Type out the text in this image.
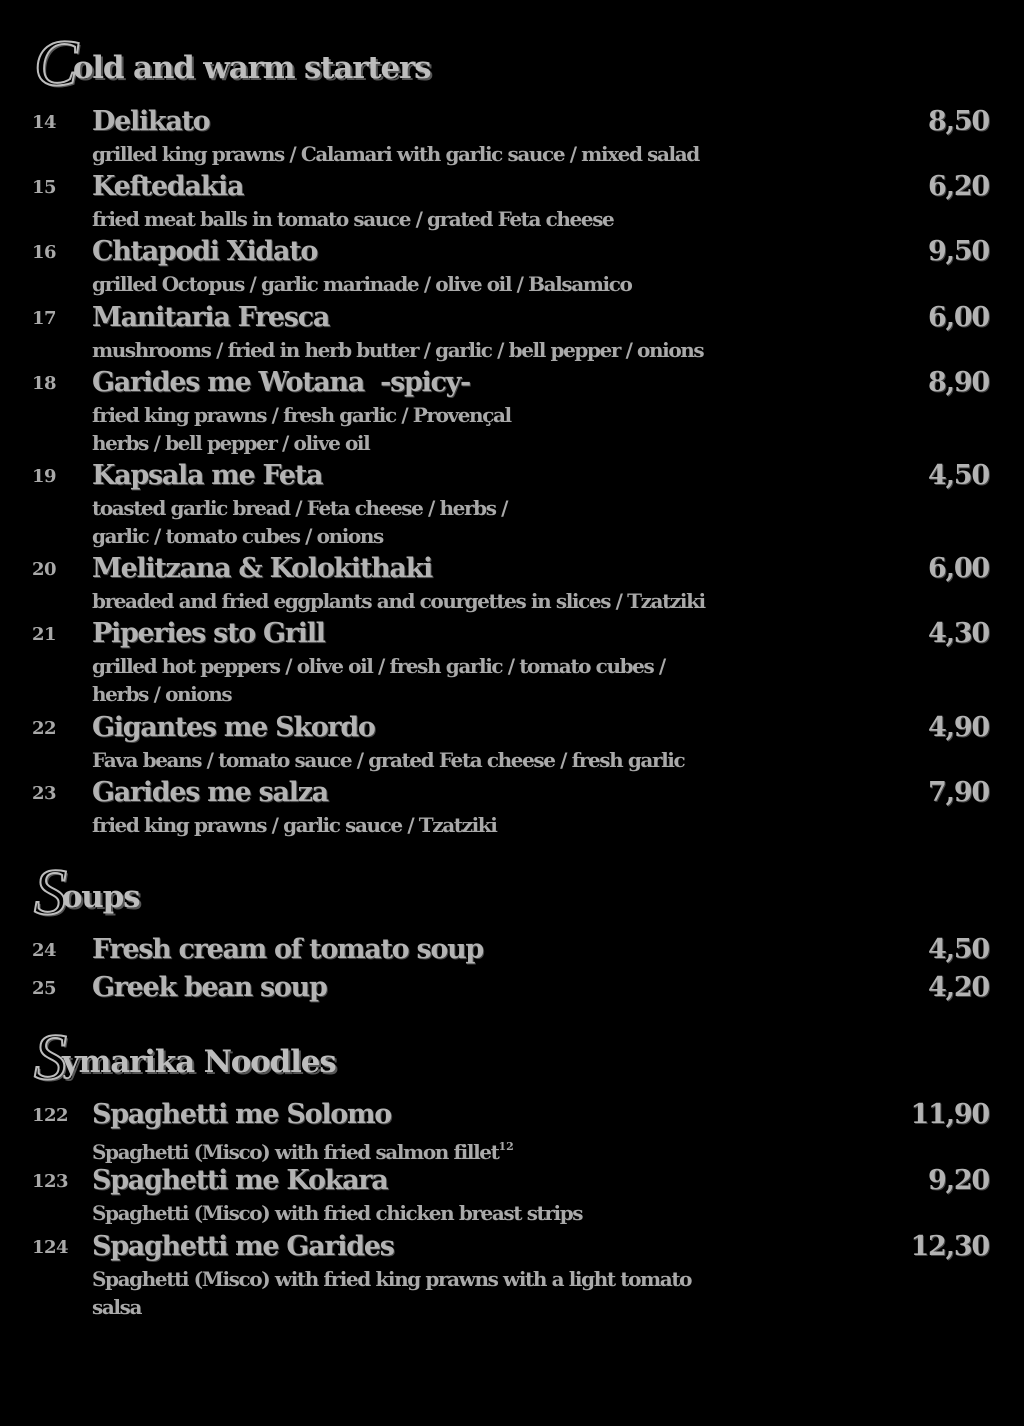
Cold and warm starters
14 Delikato	8,50
grilled king prawns / Calamari with garlic sauce / mixed salad
15 Keftedakia	6,20
fried meat balls in tomato sauce / grated Feta cheese
16 Chtapodi Xidato	9,50
grilled Octopus / garlic marinade / olive oil / Balsamico
17 Manitaria Fresca	6,00
mushrooms / fried in herb butter / garlic / bell pepper / onions
18 Garides me Wotana  -spicy-	8,90
fried king prawns / fresh garlic / Provençal herbs / bell pepper / olive oil
19 Kapsala me Feta	4,50
toasted garlic bread / Feta cheese / herbs / garlic / tomato cubes / onions
20 Melitzana & Kolokithaki	6,00
breaded and fried eggplants and courgettes in slices / Tzatziki
21 Piperies sto Grill	4,30
grilled hot peppers / olive oil / fresh garlic / tomato cubes / herbs / onions
22 Gigantes me Skordo	4,90
Fava beans / tomato sauce / grated Feta cheese / fresh garlic
23 Garides me salza	7,90
fried king prawns / garlic sauce / Tzatziki
Soups
24 Fresh cream of tomato soup	4,50
25 Greek bean soup	4,20
Symarika Noodles
122 Spaghetti me Solomo	11,90
Spaghetti (Misco) with fried salmon fillet$^{12}$
123 Spaghetti me Kokara	9,20
Spaghetti (Misco) with fried chicken breast strips
124 Spaghetti me Garides	12,30
Spaghetti (Misco) with fried king prawns with a light tomato salsa
